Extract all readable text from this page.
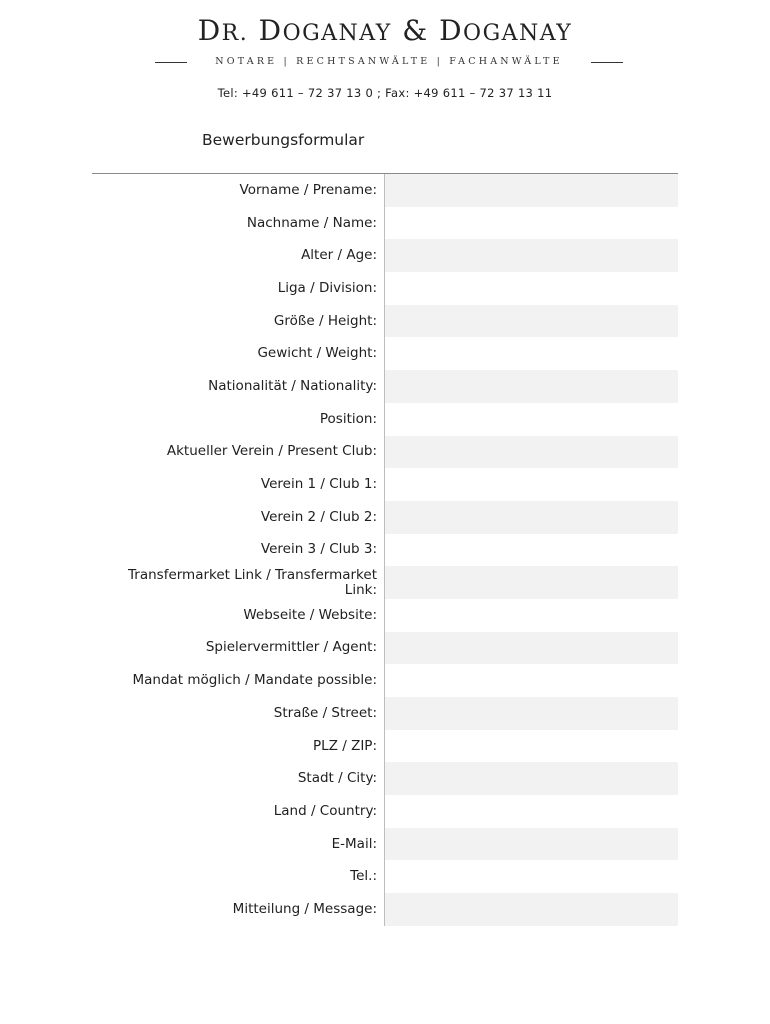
DR. DOGANAY & DOGANAY
NOTARE | RECHTSANWÄLTE | FACHANWÄLTE
Tel: +49 611 – 72 37 13 0 ; Fax: +49 611 – 72 37 13 11
Bewerbungsformular
Vorname / Prename:
Nachname / Name:
Alter / Age:
Liga / Division:
Größe / Height:
Gewicht / Weight:
Nationalität / Nationality:
Position:
Aktueller Verein / Present Club:
Verein 1 / Club 1:
Verein 2 / Club 2:
Verein 3 / Club 3:
Transfermarket Link / Transfermarket Link:
Webseite / Website:
Spielervermittler / Agent:
Mandat möglich / Mandate possible:
Straße / Street:
PLZ / ZIP:
Stadt / City:
Land / Country:
E-Mail:
Tel.:
Mitteilung / Message:
